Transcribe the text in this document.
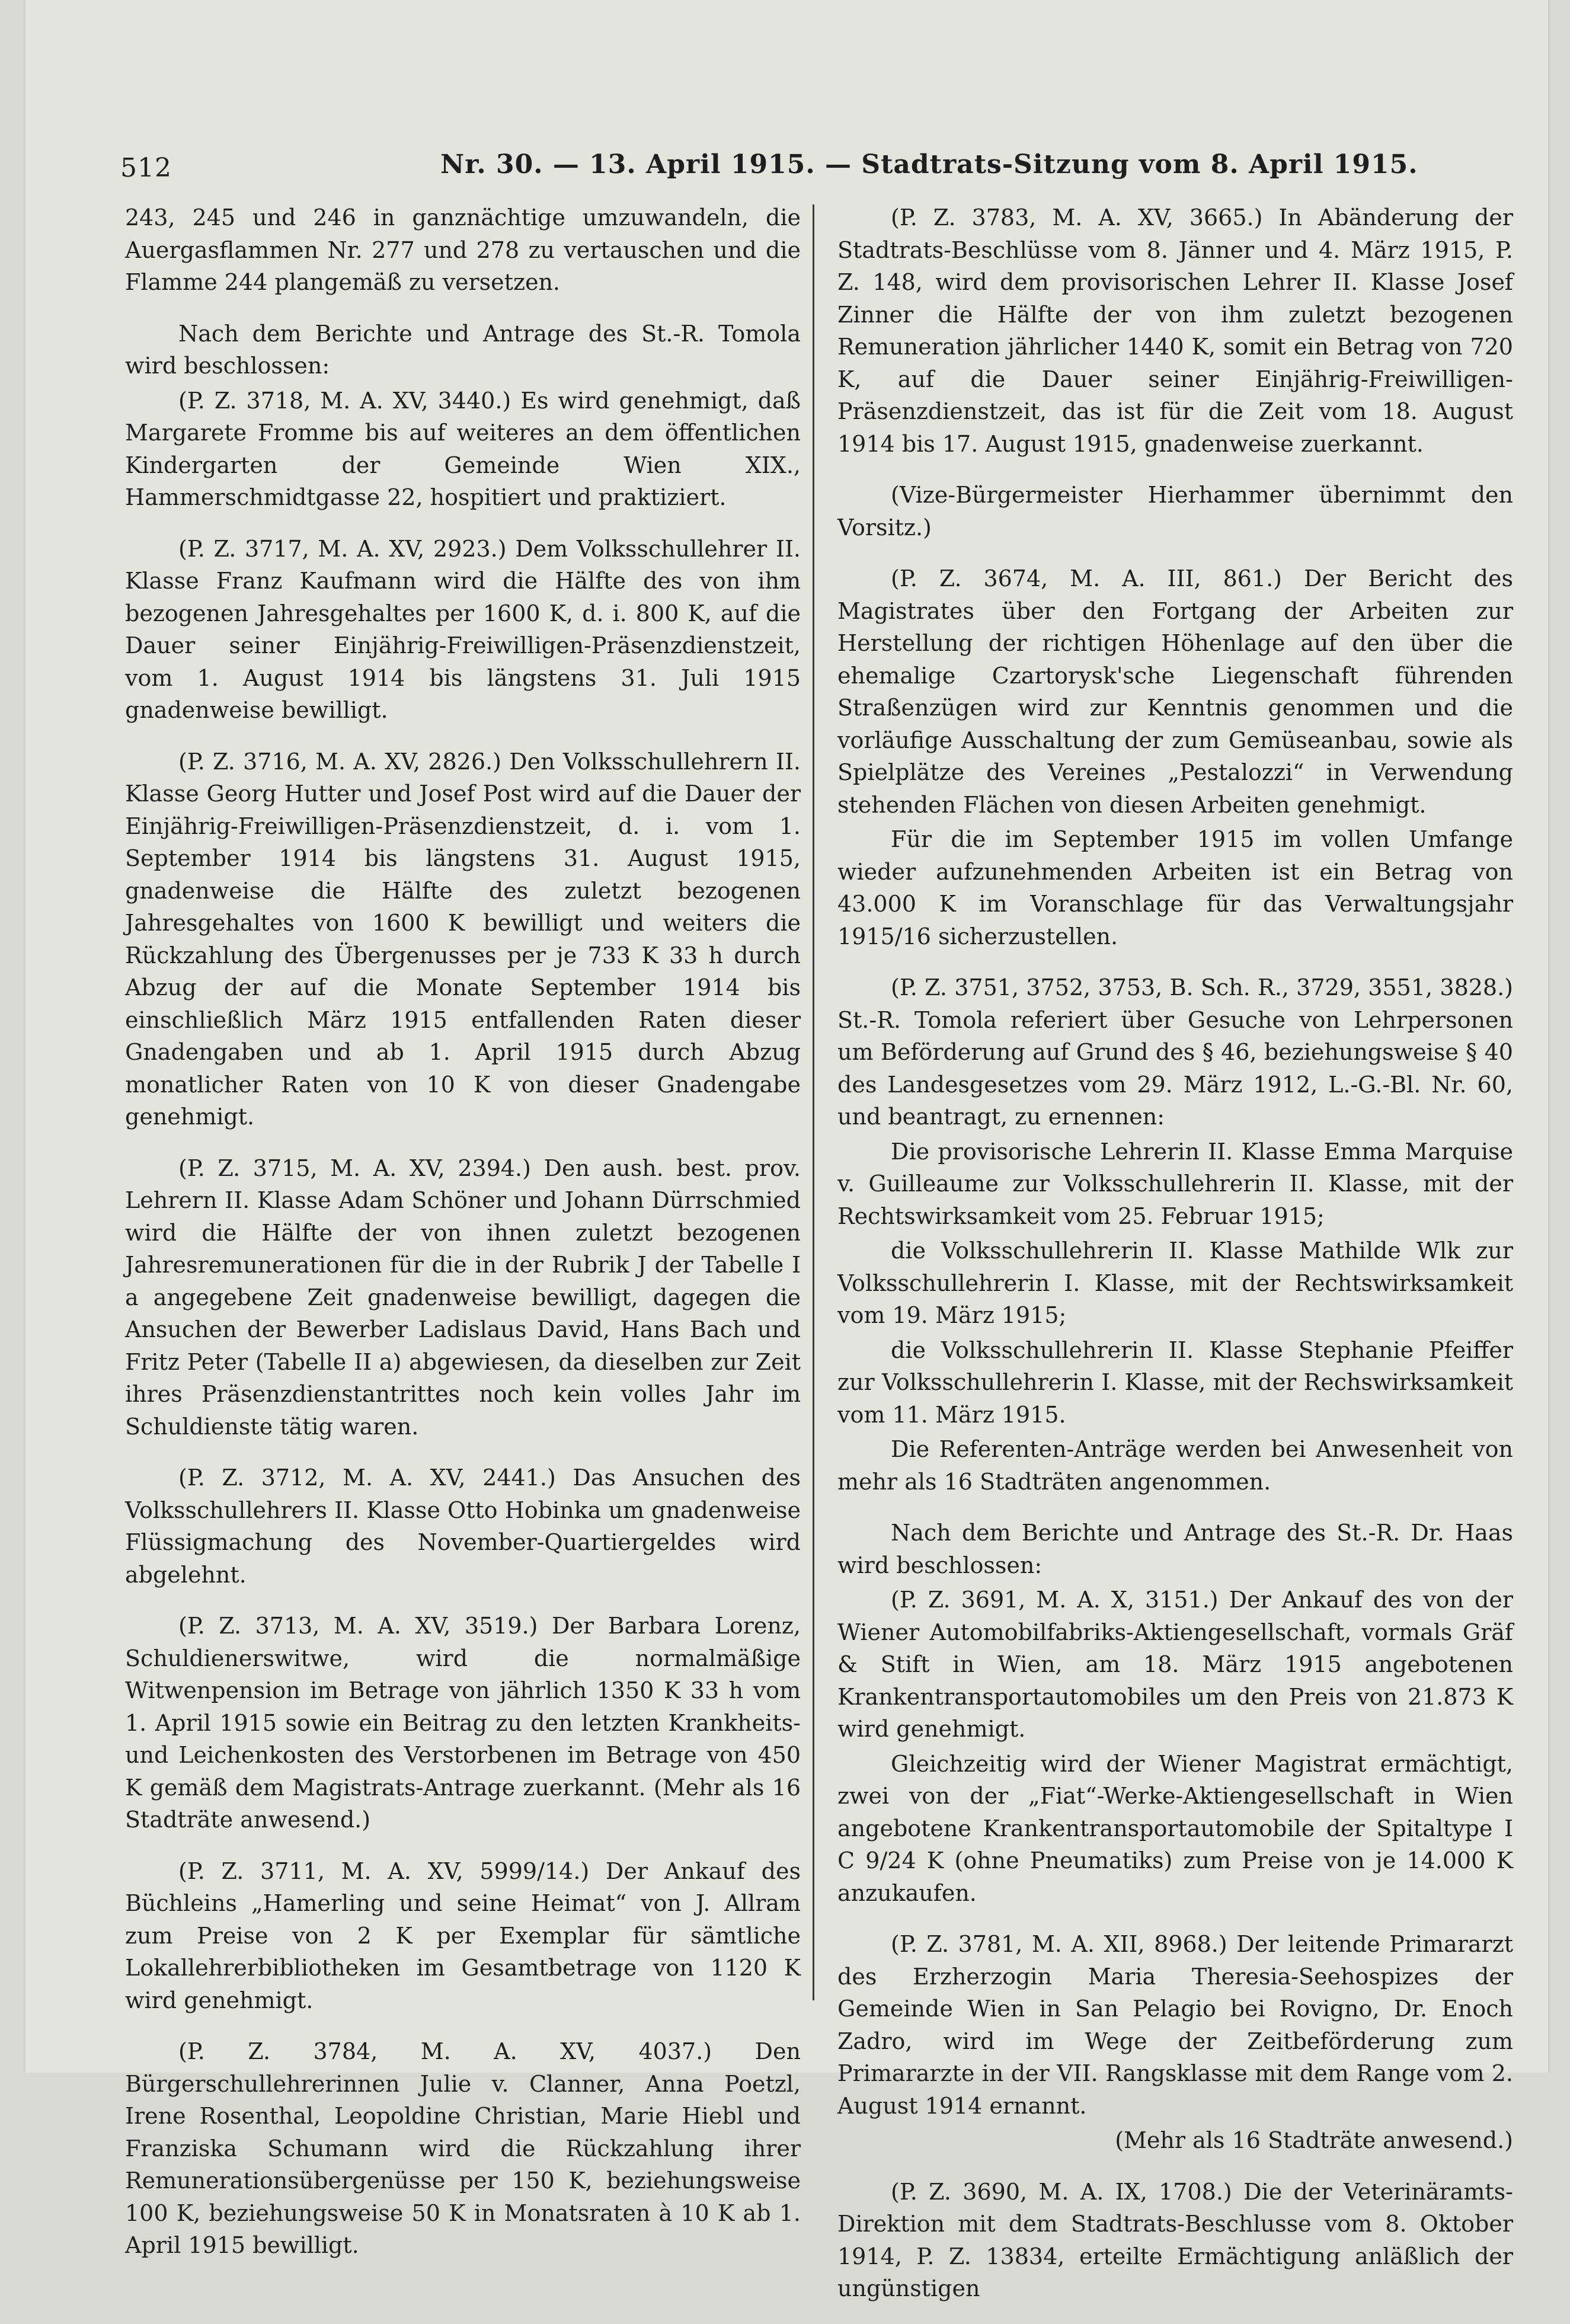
512	Nr. 30. — 13. April 1915. — Stadtrats-Sitzung vom 8. April 1915.

243, 245 und 246 in ganznächtige umzuwandeln, die Auergasflammen Nr. 277 und 278 zu vertauschen und die Flamme 244 plangemäß zu versetzen.

Nach dem Berichte und Antrage des St.-R. Tomola wird beschlossen:

(P. Z. 3718, M. A. XV, 3440.) Es wird genehmigt, daß Margarete Fromme bis auf weiteres an dem öffentlichen Kindergarten der Gemeinde Wien XIX., Hammerschmidtgasse 22, hospitiert und praktiziert.

(P. Z. 3717, M. A. XV, 2923.) Dem Volksschullehrer II. Klasse Franz Kaufmann wird die Hälfte des von ihm bezogenen Jahresgehaltes per 1600 K, d. i. 800 K, auf die Dauer seiner Einjährig-Freiwilligen-Präsenzdienstzeit, vom 1. August 1914 bis längstens 31. Juli 1915 gnadenweise bewilligt.

(P. Z. 3716, M. A. XV, 2826.) Den Volksschullehrern II. Klasse Georg Hutter und Josef Post wird auf die Dauer der Einjährig-Freiwilligen-Präsenzdienstzeit, d. i. vom 1. September 1914 bis längstens 31. August 1915, gnadenweise die Hälfte des zuletzt bezogenen Jahresgehaltes von 1600 K bewilligt und weiters die Rückzahlung des Übergenusses per je 733 K 33 h durch Abzug der auf die Monate September 1914 bis einschließlich März 1915 entfallenden Raten dieser Gnadengaben und ab 1. April 1915 durch Abzug monatlicher Raten von 10 K von dieser Gnadengabe genehmigt.

(P. Z. 3715, M. A. XV, 2394.) Den aush. best. prov. Lehrern II. Klasse Adam Schöner und Johann Dürrschmied wird die Hälfte der von ihnen zuletzt bezogenen Jahresremunerationen für die in der Rubrik J der Tabelle I a angegebene Zeit gnadenweise bewilligt, dagegen die Ansuchen der Bewerber Ladislaus David, Hans Bach und Fritz Peter (Tabelle II a) abgewiesen, da dieselben zur Zeit ihres Präsenzdienstantrittes noch kein volles Jahr im Schuldienste tätig waren.

(P. Z. 3712, M. A. XV, 2441.) Das Ansuchen des Volksschullehrers II. Klasse Otto Hobinka um gnadenweise Flüssigmachung des November-Quartiergeldes wird abgelehnt.

(P. Z. 3713, M. A. XV, 3519.) Der Barbara Lorenz, Schuldienerswitwe, wird die normalmäßige Witwenpension im Betrage von jährlich 1350 K 33 h vom 1. April 1915 sowie ein Beitrag zu den letzten Krankheits- und Leichenkosten des Verstorbenen im Betrage von 450 K gemäß dem Magistrats-Antrage zuerkannt. (Mehr als 16 Stadträte anwesend.)

(P. Z. 3711, M. A. XV, 5999/14.) Der Ankauf des Büchleins „Hamerling und seine Heimat“ von J. Allram zum Preise von 2 K per Exemplar für sämtliche Lokallehrerbibliotheken im Gesamtbetrage von 1120 K wird genehmigt.

(P. Z. 3784, M. A. XV, 4037.) Den Bürgerschullehrerinnen Julie v. Clanner, Anna Poetzl, Irene Rosenthal, Leopoldine Christian, Marie Hiebl und Franziska Schumann wird die Rückzahlung ihrer Remunerationsübergenüsse per 150 K, beziehungsweise 100 K, beziehungsweise 50 K in Monatsraten à 10 K ab 1. April 1915 bewilligt.

(P. Z. 3783, M. A. XV, 3665.) In Abänderung der Stadtrats-Beschlüsse vom 8. Jänner und 4. März 1915, P. Z. 148, wird dem provisorischen Lehrer II. Klasse Josef Zinner die Hälfte der von ihm zuletzt bezogenen Remuneration jährlicher 1440 K, somit ein Betrag von 720 K, auf die Dauer seiner Einjährig-Freiwilligen-Präsenzdienstzeit, das ist für die Zeit vom 18. August 1914 bis 17. August 1915, gnadenweise zuerkannt.

(Vize-Bürgermeister Hierhammer übernimmt den Vorsitz.)

(P. Z. 3674, M. A. III, 861.) Der Bericht des Magistrates über den Fortgang der Arbeiten zur Herstellung der richtigen Höhenlage auf den über die ehemalige Czartorysk'sche Liegenschaft führenden Straßenzügen wird zur Kenntnis genommen und die vorläufige Ausschaltung der zum Gemüseanbau, sowie als Spielplätze des Vereines „Pestalozzi“ in Verwendung stehenden Flächen von diesen Arbeiten genehmigt.

Für die im September 1915 im vollen Umfange wieder aufzunehmenden Arbeiten ist ein Betrag von 43.000 K im Voranschlage für das Verwaltungsjahr 1915/16 sicherzustellen.

(P. Z. 3751, 3752, 3753, B. Sch. R., 3729, 3551, 3828.) St.-R. Tomola referiert über Gesuche von Lehrpersonen um Beförderung auf Grund des § 46, beziehungsweise § 40 des Landesgesetzes vom 29. März 1912, L.-G.-Bl. Nr. 60, und beantragt, zu ernennen:

Die provisorische Lehrerin II. Klasse Emma Marquise v. Guilleaume zur Volksschullehrerin II. Klasse, mit der Rechtswirksamkeit vom 25. Februar 1915;

die Volksschullehrerin II. Klasse Mathilde Wlk zur Volksschullehrerin I. Klasse, mit der Rechtswirksamkeit vom 19. März 1915;

die Volksschullehrerin II. Klasse Stephanie Pfeiffer zur Volksschullehrerin I. Klasse, mit der Rechswirksamkeit vom 11. März 1915.

Die Referenten-Anträge werden bei Anwesenheit von mehr als 16 Stadträten angenommen.

Nach dem Berichte und Antrage des St.-R. Dr. Haas wird beschlossen:

(P. Z. 3691, M. A. X, 3151.) Der Ankauf des von der Wiener Automobilfabriks-Aktiengesellschaft, vormals Gräf & Stift in Wien, am 18. März 1915 angebotenen Krankentransportautomobiles um den Preis von 21.873 K wird genehmigt.

Gleichzeitig wird der Wiener Magistrat ermächtigt, zwei von der „Fiat“-Werke-Aktiengesellschaft in Wien angebotene Krankentransportautomobile der Spitaltype I C 9/24 K (ohne Pneumatiks) zum Preise von je 14.000 K anzukaufen.

(P. Z. 3781, M. A. XII, 8968.) Der leitende Primararzt des Erzherzogin Maria Theresia-Seehospizes der Gemeinde Wien in San Pelagio bei Rovigno, Dr. Enoch Zadro, wird im Wege der Zeitbeförderung zum Primararzte in der VII. Rangsklasse mit dem Range vom 2. August 1914 ernannt.

(Mehr als 16 Stadträte anwesend.)

(P. Z. 3690, M. A. IX, 1708.) Die der Veterinäramts-Direktion mit dem Stadtrats-Beschlusse vom 8. Oktober 1914, P. Z. 13834, erteilte Ermächtigung anläßlich der ungünstigen
